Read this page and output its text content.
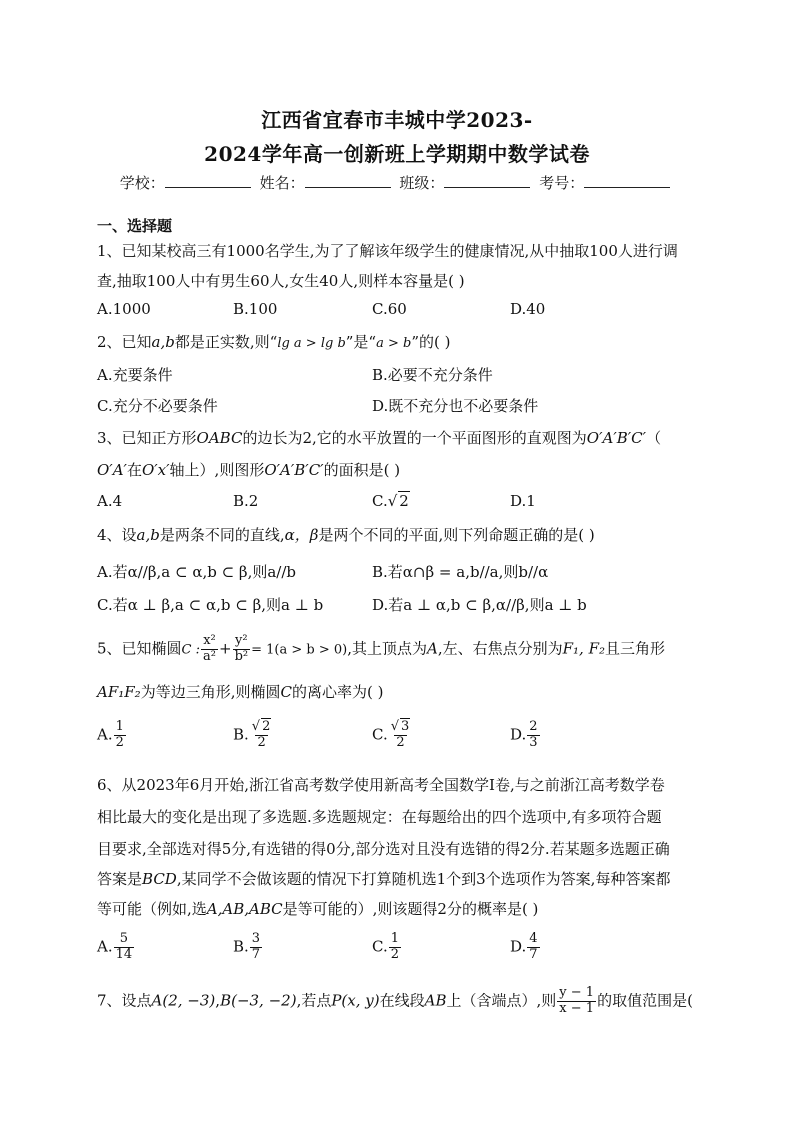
江西省宜春市丰城中学2023-
2024学年高一创新班上学期期中数学试卷
学校：	姓名：	班级：	考号：
一、选择题
1、已知某校高三有1000名学生,为了了解该年级学生的健康情况,从中抽取100人进行调
查,抽取100人中有男生60人,女生40人,则样本容量是( )
A.1000	B.100	C.60	D.40
2、已知a,b都是正实数,则“lg a > lg b”是“a > b”的( )
A.充要条件	B.必要不充分条件
C.充分不必要条件	D.既不充分也不必要条件
3、已知正方形OABC的边长为2,它的水平放置的一个平面图形的直观图为O′A′B′C′（
O′A′在O′x′轴上）,则图形O′A′B′C′的面积是( )
A.4	B.2	C.√ 2	D.1
4、设a,b是两条不同的直线,α，β是两个不同的平面,则下列命题正确的是( )
A.若α//β,a ⊂ α,b ⊂ β,则a//b	B.若α∩β = a,b//a,则b//α
C.若α ⊥ β,a ⊂ α,b ⊂ β,则a ⊥ b	D.若a ⊥ α,b ⊂ β,α//β,则a ⊥ b
5、已知椭圆C : $\frac{\text{x²}}{\text{a²}} + \frac{\text{y²}}{\text{b²}} = 1(a > b > 0)$,其上顶点为A,左、右焦点分别为F₁, F₂且三角形
AF₁F₂为等边三角形,则椭圆C的离心率为( )
A. $\frac{1}{2}$	B. $\frac{√ 2}{2}$	C. $\frac{√ 3}{2}$	D. $\frac{2}{3}$
6、从2023年6月开始,浙江省高考数学使用新高考全国数学Ⅰ卷,与之前浙江高考数学卷
相比最大的变化是出现了多选题.多选题规定：在每题给出的四个选项中,有多项符合题
目要求,全部选对得5分,有选错的得0分,部分选对且没有选错的得2分.若某题多选题正确
答案是BCD,某同学不会做该题的情况下打算随机选1个到3个选项作为答案,每种答案都
等可能（例如,选A,AB,ABC是等可能的）,则该题得2分的概率是( )
A. $\frac{5}{14}$	B. $\frac{3}{7}$	C. $\frac{1}{2}$	D. $\frac{4}{7}$
7、设点A(2, −3),B(−3, −2),若点P(x, y)在线段AB上（含端点）,则 $\frac{y - 1}{x - 1}$ 的取值范围是(
